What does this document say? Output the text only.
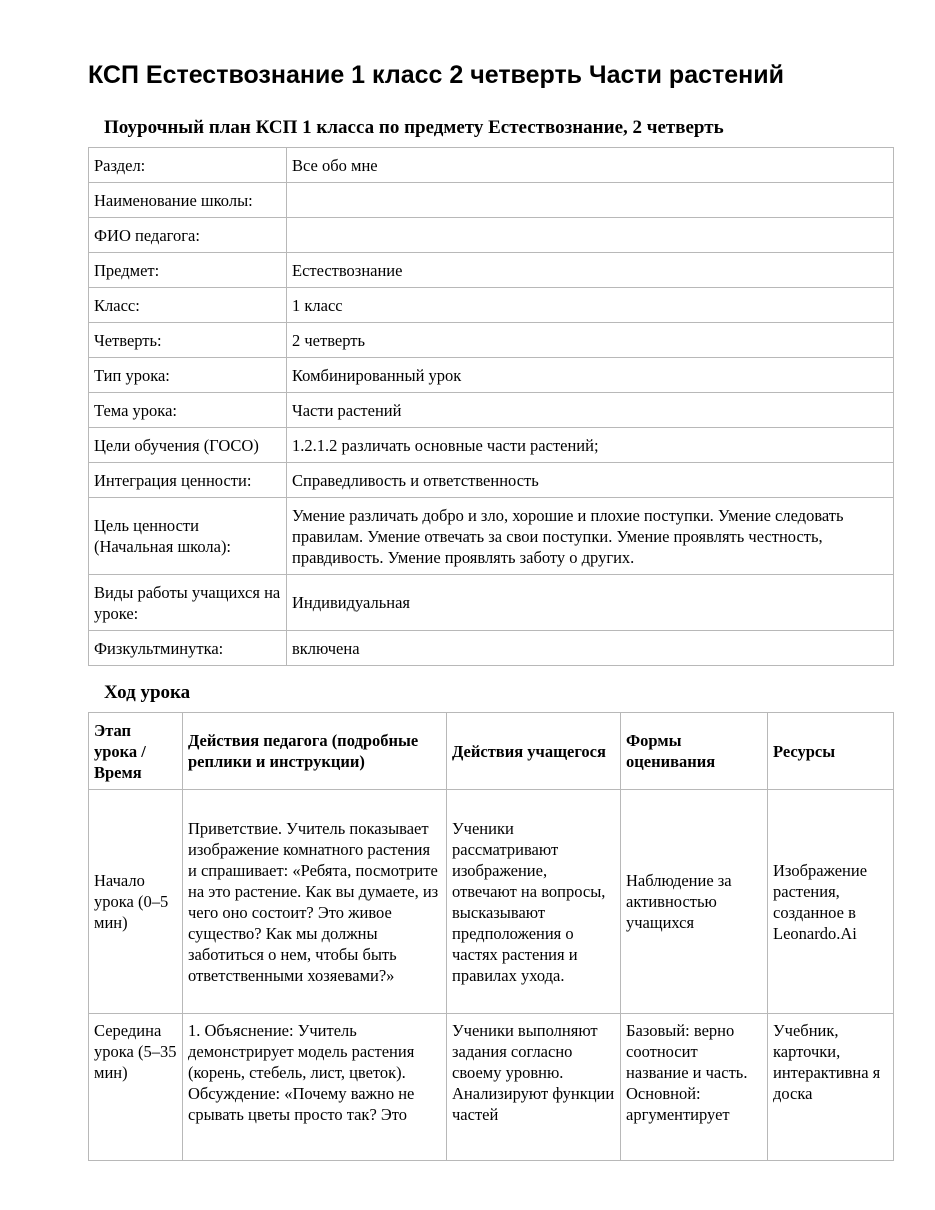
КСП Естествознание 1 класс 2 четверть Части растений
Поурочный план КСП 1 класса по предмету Естествознание, 2 четверть
Раздел:	Все обо мне
Наименование школы:	
ФИО педагога:	
Предмет:	Естествознание
Класс:	1 класс
Четверть:	2 четверть
Тип урока:	Комбинированный урок
Тема урока:	Части растений
Цели обучения (ГОСО)	1.2.1.2 различать основные части растений;
Интеграция ценности:	Справедливость и ответственность
Цель ценности (Начальная школа):	Умение различать добро и зло, хорошие и плохие поступки. Умение следовать правилам. Умение отвечать за свои поступки. Умение проявлять честность, правдивость. Умение проявлять заботу о других.
Виды работы учащихся на уроке:	Индивидуальная
Физкультминутка:	включена
Ход урока
Этап урока / Время	Действия педагога (подробные реплики и инструкции)	Действия учащегося	Формы оценивания	Ресурсы
Начало урока (0–5 мин)	Приветствие. Учитель показывает изображение комнатного растения и спрашивает: «Ребята, посмотрите на это растение. Как вы думаете, из чего оно состоит? Это живое существо? Как мы должны заботиться о нем, чтобы быть ответственными хозяевами?»	Ученики рассматривают изображение, отвечают на вопросы, высказывают предположения о частях растения и правилах ухода.	Наблюдение за активностью учащихся	Изображение растения, созданное в Leonardo.Ai
Середина урока (5–35 мин)	1. Объяснение: Учитель демонстрирует модель растения (корень, стебель, лист, цветок). Обсуждение: «Почему важно не срывать цветы просто так? Это	Ученики выполняют задания согласно своему уровню. Анализируют функции частей	Базовый: верно соотносит название и часть. Основной: аргументирует	Учебник, карточки, интерактивна я доска
